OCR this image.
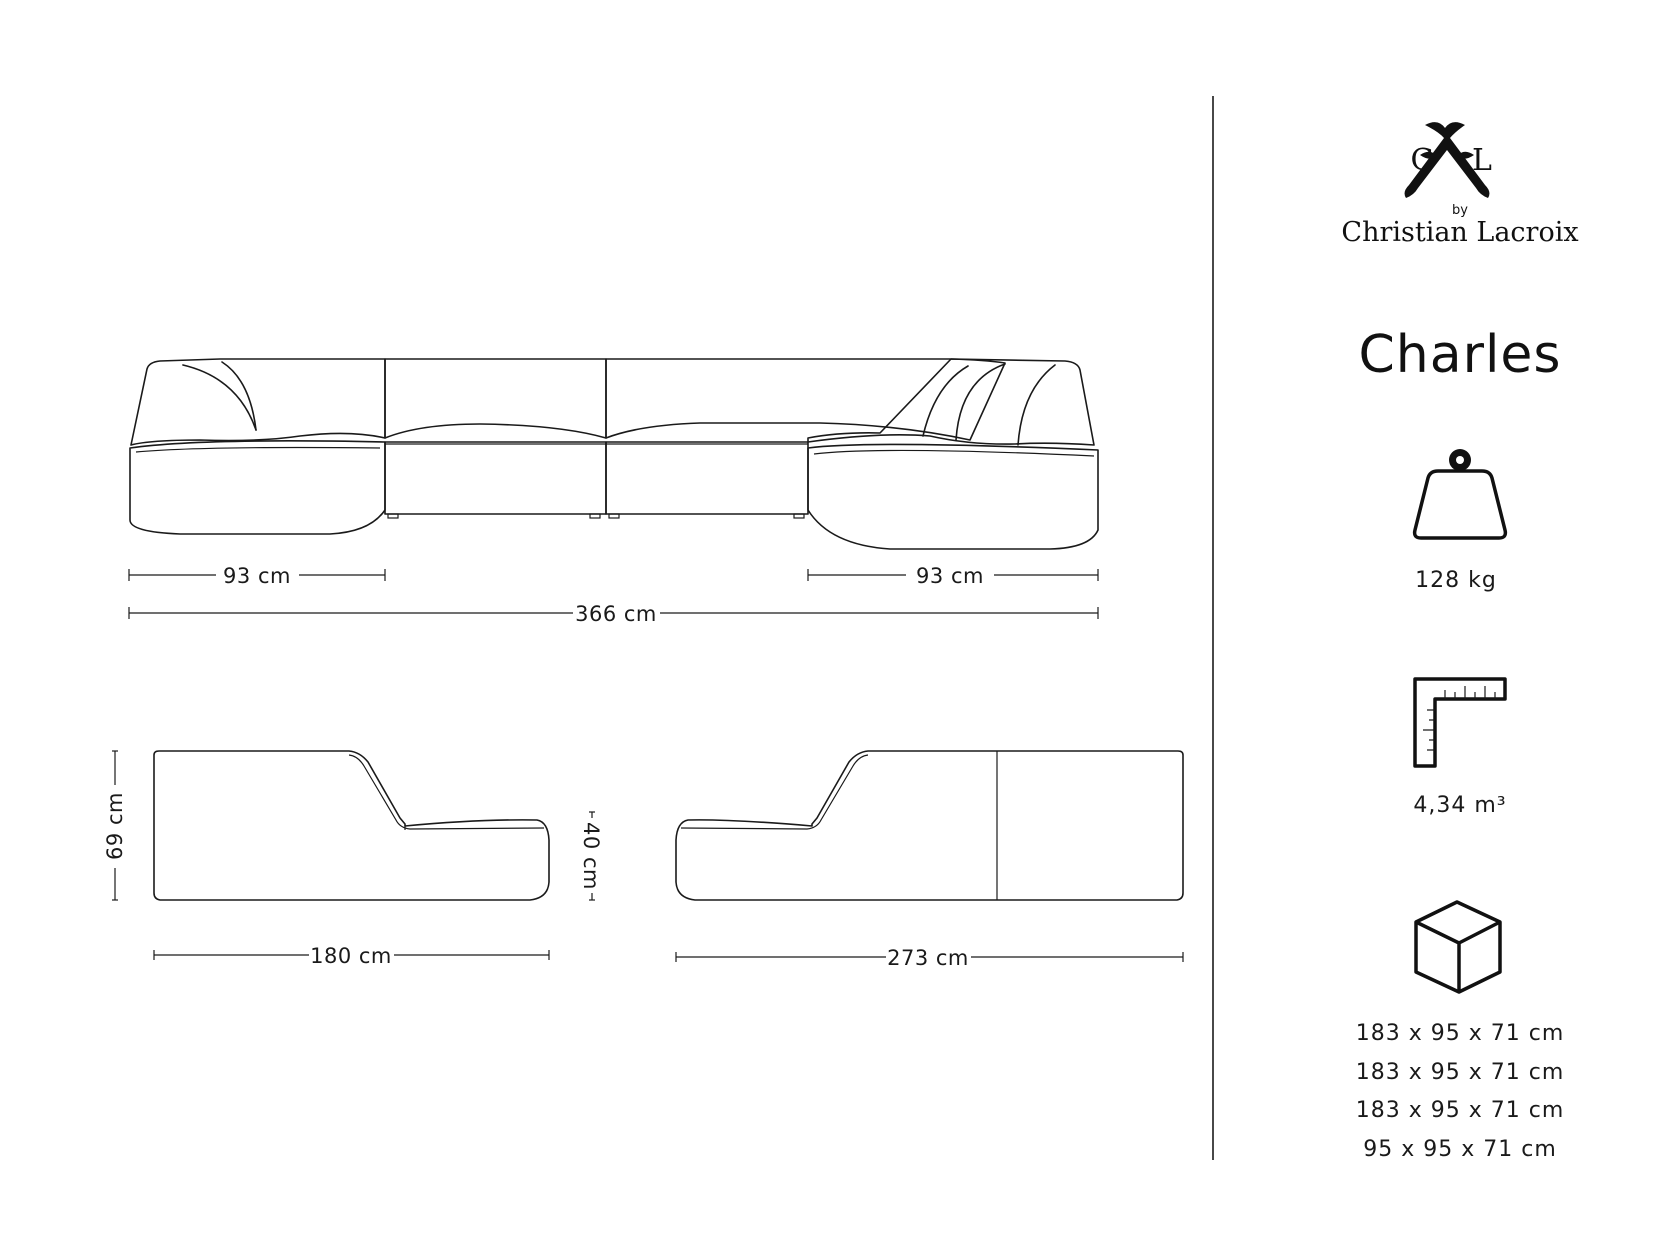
93 cm	93 cm
366 cm
69 cm	40 cm
180 cm	273 cm
C L
by
Christian Lacroix
Charles
128 kg
4,34 m³
183 x 95 x 71 cm
183 x 95 x 71 cm
183 x 95 x 71 cm
95 x 95 x 71 cm
